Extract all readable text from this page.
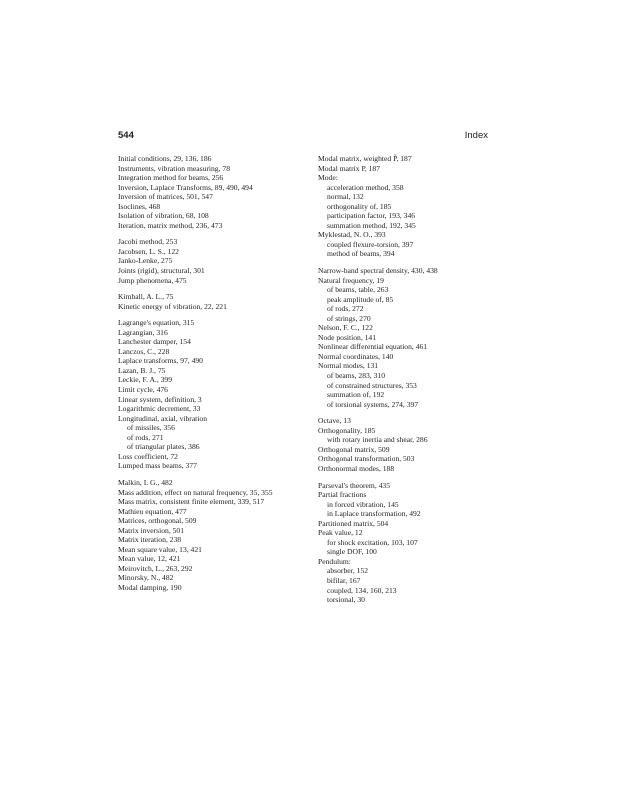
544	Index
Initial conditions, 29, 136, 186
Instruments, vibration measuring, 78
Integration method for beams, 256
Inversion, Laplace Transforms, 89, 490, 494
Inversion of matrices, 501, 547
Isoclines, 468
Isolation of vibration, 68, 108
Iteration, matrix method, 236, 473
Jacobi method, 253
Jacobsen, L. S., 122
Janko-Lenke, 275
Joints (rigid), structural, 301
Jump phenomena, 475
Kimball, A. L., 75
Kinetic energy of vibration, 22, 221
Lagrange's equation, 315
Lagrangian, 316
Lanchester damper, 154
Lanczos, C., 228
Laplace transforms, 97, 490
Lazan, B. J., 75
Leckie, F. A., 399
Limit cycle, 476
Linear system, definition, 3
Logarithmic decrement, 33
Longitudinal, axial, vibration
of missiles, 356
of rods, 271
of triangular plates, 386
Loss coefficient, 72
Lumped mass beams, 377
Malkin, I. G., 482
Mass addition, effect on natural frequency, 35, 355
Mass matrix, consistent finite element, 339, 517
Mathieu equation, 477
Matrices, orthogonal, 509
Matrix inversion, 501
Matrix iteration, 238
Mean square value, 13, 421
Mean value, 12, 421
Meirovitch, L., 263, 292
Minorsky, N., 482
Modal damping, 190
Modal matrix, weighted P̃, 187
Modal matrix P, 187
Mode:
acceleration method, 358
normal, 132
orthogonality of, 185
participation factor, 193, 346
summation method, 192, 345
Myklestad, N. O., 393
coupled flexure-torsion, 397
method of beams, 394
Narrow-band spectral density, 430, 438
Natural frequency, 19
of beams, table, 263
peak amplitude of, 85
of rods, 272
of strings, 270
Nelson, F. C., 122
Node position, 141
Nonlinear differential equation, 461
Normal coordinates, 140
Normal modes, 131
of beams, 283, 310
of constrained structures, 353
summation of, 192
of torsional systems, 274, 397
Octave, 13
Orthogonality, 185
with rotary inertia and shear, 286
Orthogonal matrix, 509
Orthogonal transformation, 503
Orthonormal modes, 188
Parseval's theorem, 435
Partial fractions
in forced vibration, 145
in Laplace transformation, 492
Partitioned matrix, 504
Peak value, 12
for shock excitation, 103, 107
single DOF, 100
Pendulum:
absorber, 152
bifilar, 167
coupled, 134, 160, 213
torsional, 30
